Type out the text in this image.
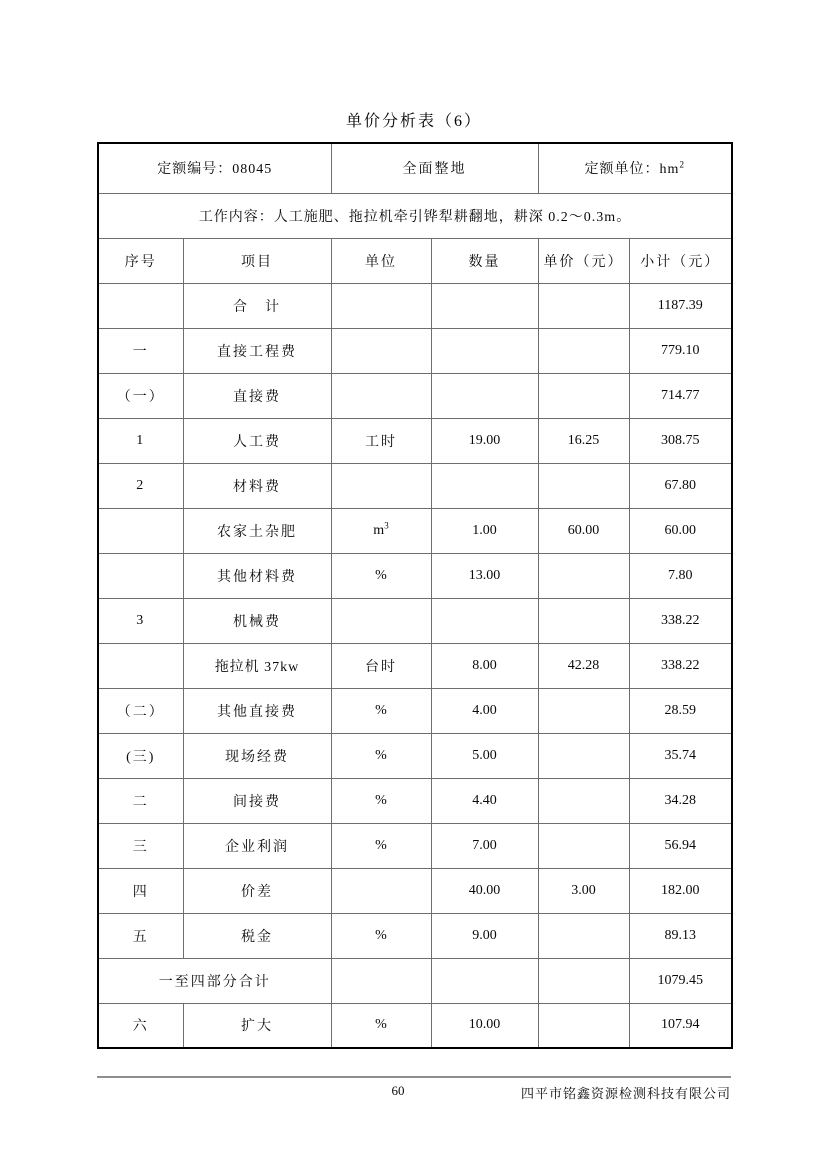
单价分析表（6）
定额编号：08045		全面整地		定额单位：$hm^2$
工作内容：人工施肥、拖拉机牵引铧犁耕翻地，耕深 0.2～0.3m。					
序号	项目	单位	数量	单价（元）	小计（元）
	合　计				1187.39
一	直接工程费				779.10
（一）	直接费				714.77
1	人工费	工时	19.00	16.25	308.75
2	材料费				67.80
	农家土杂肥	$m^3$	1.00	60.00	60.00
	其他材料费	%	13.00		7.80
3	机械费				338.22
	拖拉机 37kw	台时	8.00	42.28	338.22
（二）	其他直接费	%	4.00		28.59
(三)	现场经费	%	5.00		35.74
二	间接费	%	4.40		34.28
三	企业利润	%	7.00		56.94
四	价差		40.00	3.00	182.00
五	税金	%	9.00		89.13
一至四部分合计					1079.45
六	扩大	%	10.00		107.94
60	四平市铭鑫资源检测科技有限公司
